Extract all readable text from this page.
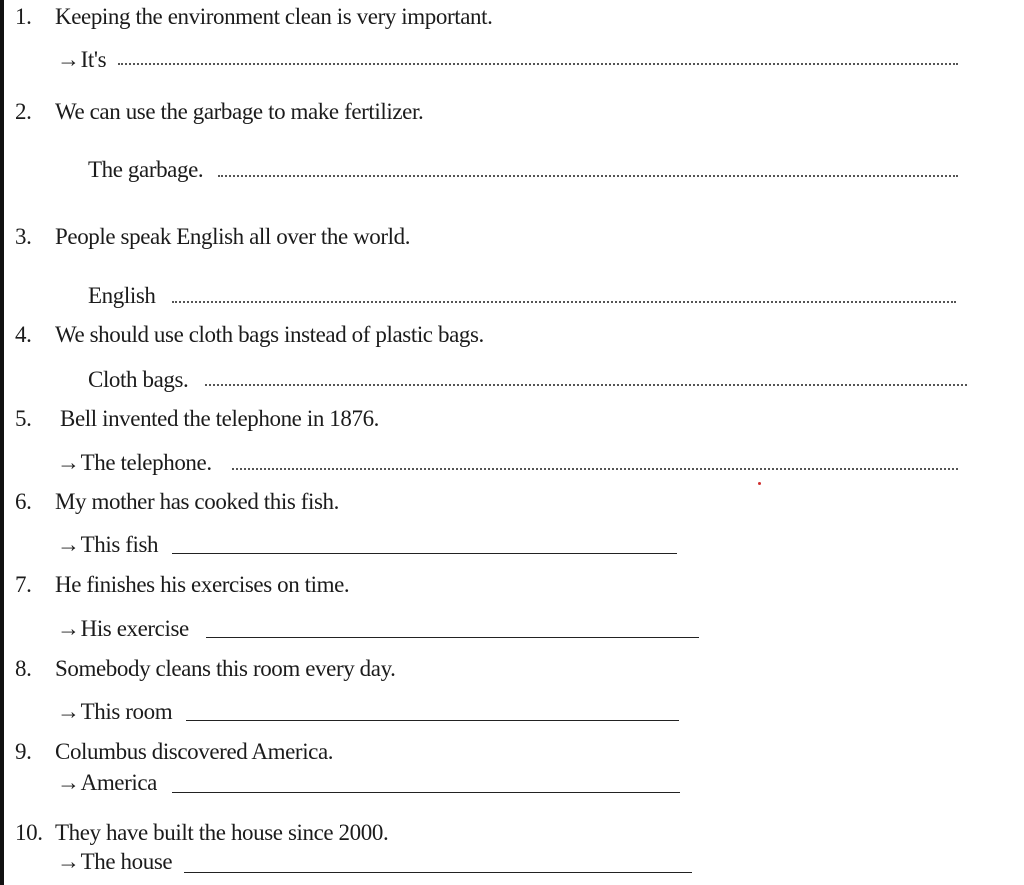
1. Keeping the environment clean is very important.
→ It's
2. We can use the garbage to make fertilizer.
The garbage.
3. People speak English all over the world.
English
4. We should use cloth bags instead of plastic bags.
Cloth bags.
5. Bell invented the telephone in 1876.
→ The telephone.
6. My mother has cooked this fish.
→ This fish
7. He finishes his exercises on time.
→ His exercise
8. Somebody cleans this room every day.
→ This room
9. Columbus discovered America.
→ America
10. They have built the house since 2000.
→ The house
